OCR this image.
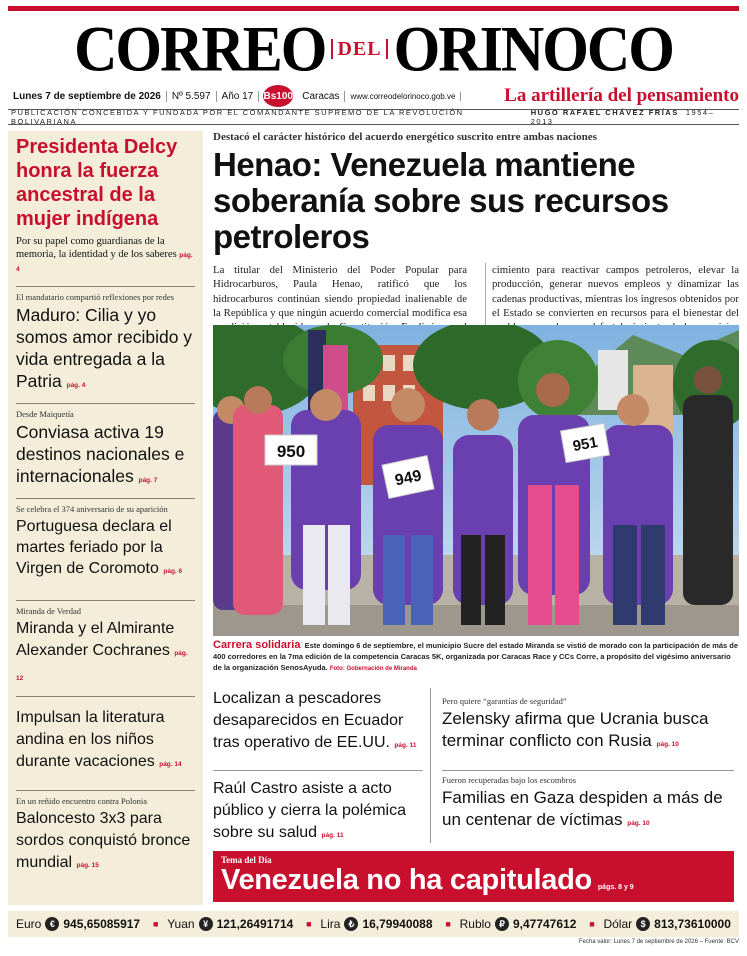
CORREO DEL ORINOCO
Lunes 7 de septiembre de 2026	Nº 5.597	Año 17	Bs100 Caracas	www.correodelorinoco.gob.ve	La artillería del pensamiento
PUBLICACIÓN CONCEBIDA Y FUNDADA POR EL COMANDANTE SUPREMO DE LA REVOLUCIÓN BOLIVARIANA
HUGO RAFAEL CHÁVEZ FRÍAS 1954–2013
Presidenta Delcy honra la fuerza ancestral de la mujer indígena
Por su papel como guardianas de la memoria, la identidad y de los saberes pág. 4
El mandatario compartió reflexiones por redes
Maduro: Cilia y yo somos amor recibido y vida entregada a la Patria pág. 4
Desde Maiquetía
Conviasa activa 19 destinos nacionales e internacionales pág. 7
Se celebra el 374 aniversario de su aparición
Portuguesa declara el martes feriado por la Virgen de Coromoto pág. 6
Miranda de Verdad
Miranda y el Almirante Alexander Cochranes pág. 12
Impulsan la literatura andina en los niños durante vacaciones pág. 14
En un reñido encuentro contra Polonia
Baloncesto 3x3 para sordos conquistó bronce mundial pág. 15
Destacó el carácter histórico del acuerdo energético suscrito entre ambas naciones
Henao: Venezuela mantiene soberanía sobre sus recursos petroleros
La titular del Ministerio del Poder Popular para Hidrocarburos, Paula Henao, ratificó que los hidrocarburos continúan siendo propiedad inalienable de la República y que ningún acuerdo comercial modifica esa
cimiento para reactivar campos petroleros, elevar la producción, generar nuevos empleos y dinamizar las cadenas productivas, mientras los ingresos obtenidos por el Estado se convierten en recursos para el bienestar del
950
949
951
Carrera solidaria Este domingo 6 de septiembre, el municipio Sucre del estado Miranda se vistió de morado con la participación de más de 400 corredores en la 7ma edición de la competencia Caracas 5K, organizada por Caracas Race y CCs Corre, a propósito del vigésimo aniversario de la organización SenosAyuda. Foto: Gobernación de Miranda
Localizan a pescadores desaparecidos en Ecuador tras operativo de EE.UU. pág. 11
Pero quiere “garantías de seguridad”
Zelensky afirma que Ucrania busca terminar conflicto con Rusia pág. 10
Raúl Castro asiste a acto público y cierra la polémica sobre su salud pág. 11
Fueron recuperadas bajo los escombros
Familias en Gaza despiden a más de un centenar de víctimas pág. 10
Tema del Día
Venezuela no ha capitulado págs. 8 y 9
Euro € 945,65085917 ■ Yuan ¥ 121,26491714 ■ Lira ₺ 16,79940088 ■ Rublo ₽ 9,47747612 ■ Dólar $ 813,73610000
Fecha valor: Lunes 7 de septiembre de 2026 – Fuente: BCV
